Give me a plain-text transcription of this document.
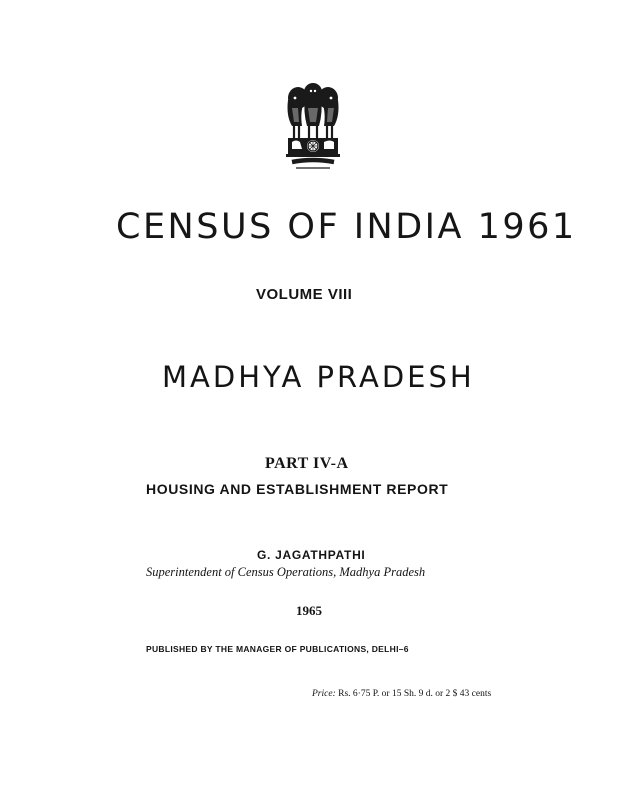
CENSUS OF INDIA 1961
VOLUME VIII
MADHYA PRADESH
PART IV-A
HOUSING AND ESTABLISHMENT REPORT
G. JAGATHPATHI
Superintendent of Census Operations, Madhya Pradesh
1965
PUBLISHED BY THE MANAGER OF PUBLICATIONS, DELHI–6
Price: Rs. 6·75 P. or 15 Sh. 9 d. or 2 $ 43 cents
